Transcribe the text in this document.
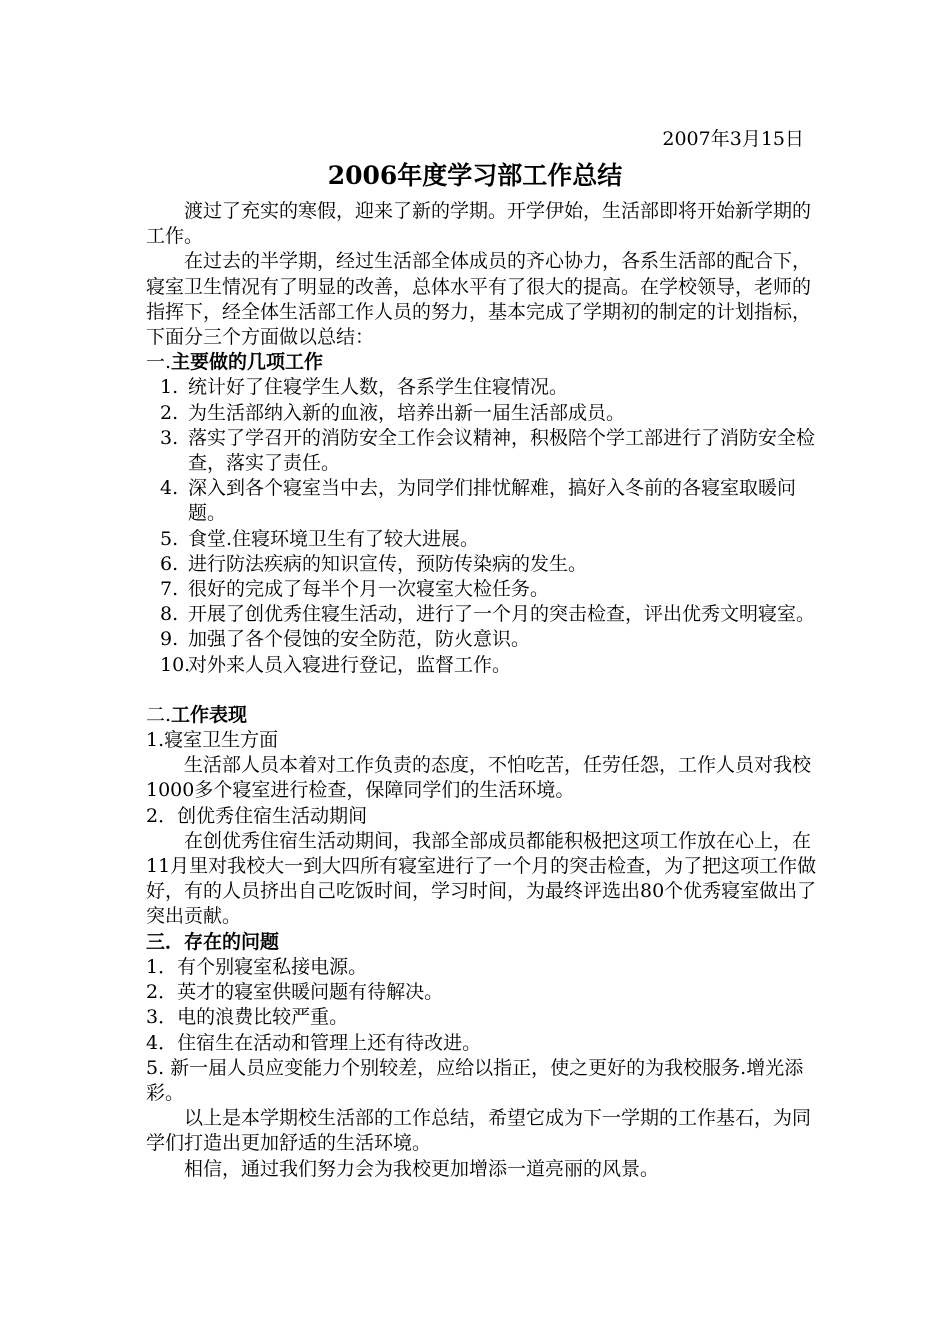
2007年3月15日
2006年度学习部工作总结

渡过了充实的寒假，迎来了新的学期。开学伊始，生活部即将开始新学期的工作。

在过去的半学期，经过生活部全体成员的齐心协力，各系生活部的配合下，寝室卫生情况有了明显的改善，总体水平有了很大的提高。在学校领导，老师的指挥下，经全体生活部工作人员的努力，基本完成了学期初的制定的计划指标，下面分三个方面做以总结：

一.主要做的几项工作

1. 统计好了住寝学生人数，各系学生住寝情况。
2. 为生活部纳入新的血液，培养出新一届生活部成员。
3. 落实了学召开的消防安全工作会议精神，积极陪个学工部进行了消防安全检查，落实了责任。
4. 深入到各个寝室当中去，为同学们排忧解难，搞好入冬前的各寝室取暖问题。
5. 食堂.住寝环境卫生有了较大进展。
6. 进行防法疾病的知识宣传，预防传染病的发生。
7. 很好的完成了每半个月一次寝室大检任务。
8. 开展了创优秀住寝生活动，进行了一个月的突击检查，评出优秀文明寝室。
9. 加强了各个侵蚀的安全防范，防火意识。
10.
对外来人员入寝进行登记，监督工作。

二.工作表现

1.寝室卫生方面

生活部人员本着对工作负责的态度，不怕吃苦，任劳任怨，工作人员对我校1000多个寝室进行检查，保障同学们的生活环境。

2．创优秀住宿生活动期间

在创优秀住宿生活动期间，我部全部成员都能积极把这项工作放在心上，在11月里对我校大一到大四所有寝室进行了一个月的突击检查，为了把这项工作做好，有的人员挤出自己吃饭时间，学习时间，为最终评选出80个优秀寝室做出了突出贡献。

三．存在的问题

1．有个别寝室私接电源。

2．英才的寝室供暖问题有待解决。

3．电的浪费比较严重。

4．住宿生在活动和管理上还有待改进。

5. 新一届人员应变能力个别较差，应给以指正，使之更好的为我校服务.增光添彩。

以上是本学期校生活部的工作总结，希望它成为下一学期的工作基石，为同学们打造出更加舒适的生活环境。

相信，通过我们努力会为我校更加增添一道亮丽的风景。
